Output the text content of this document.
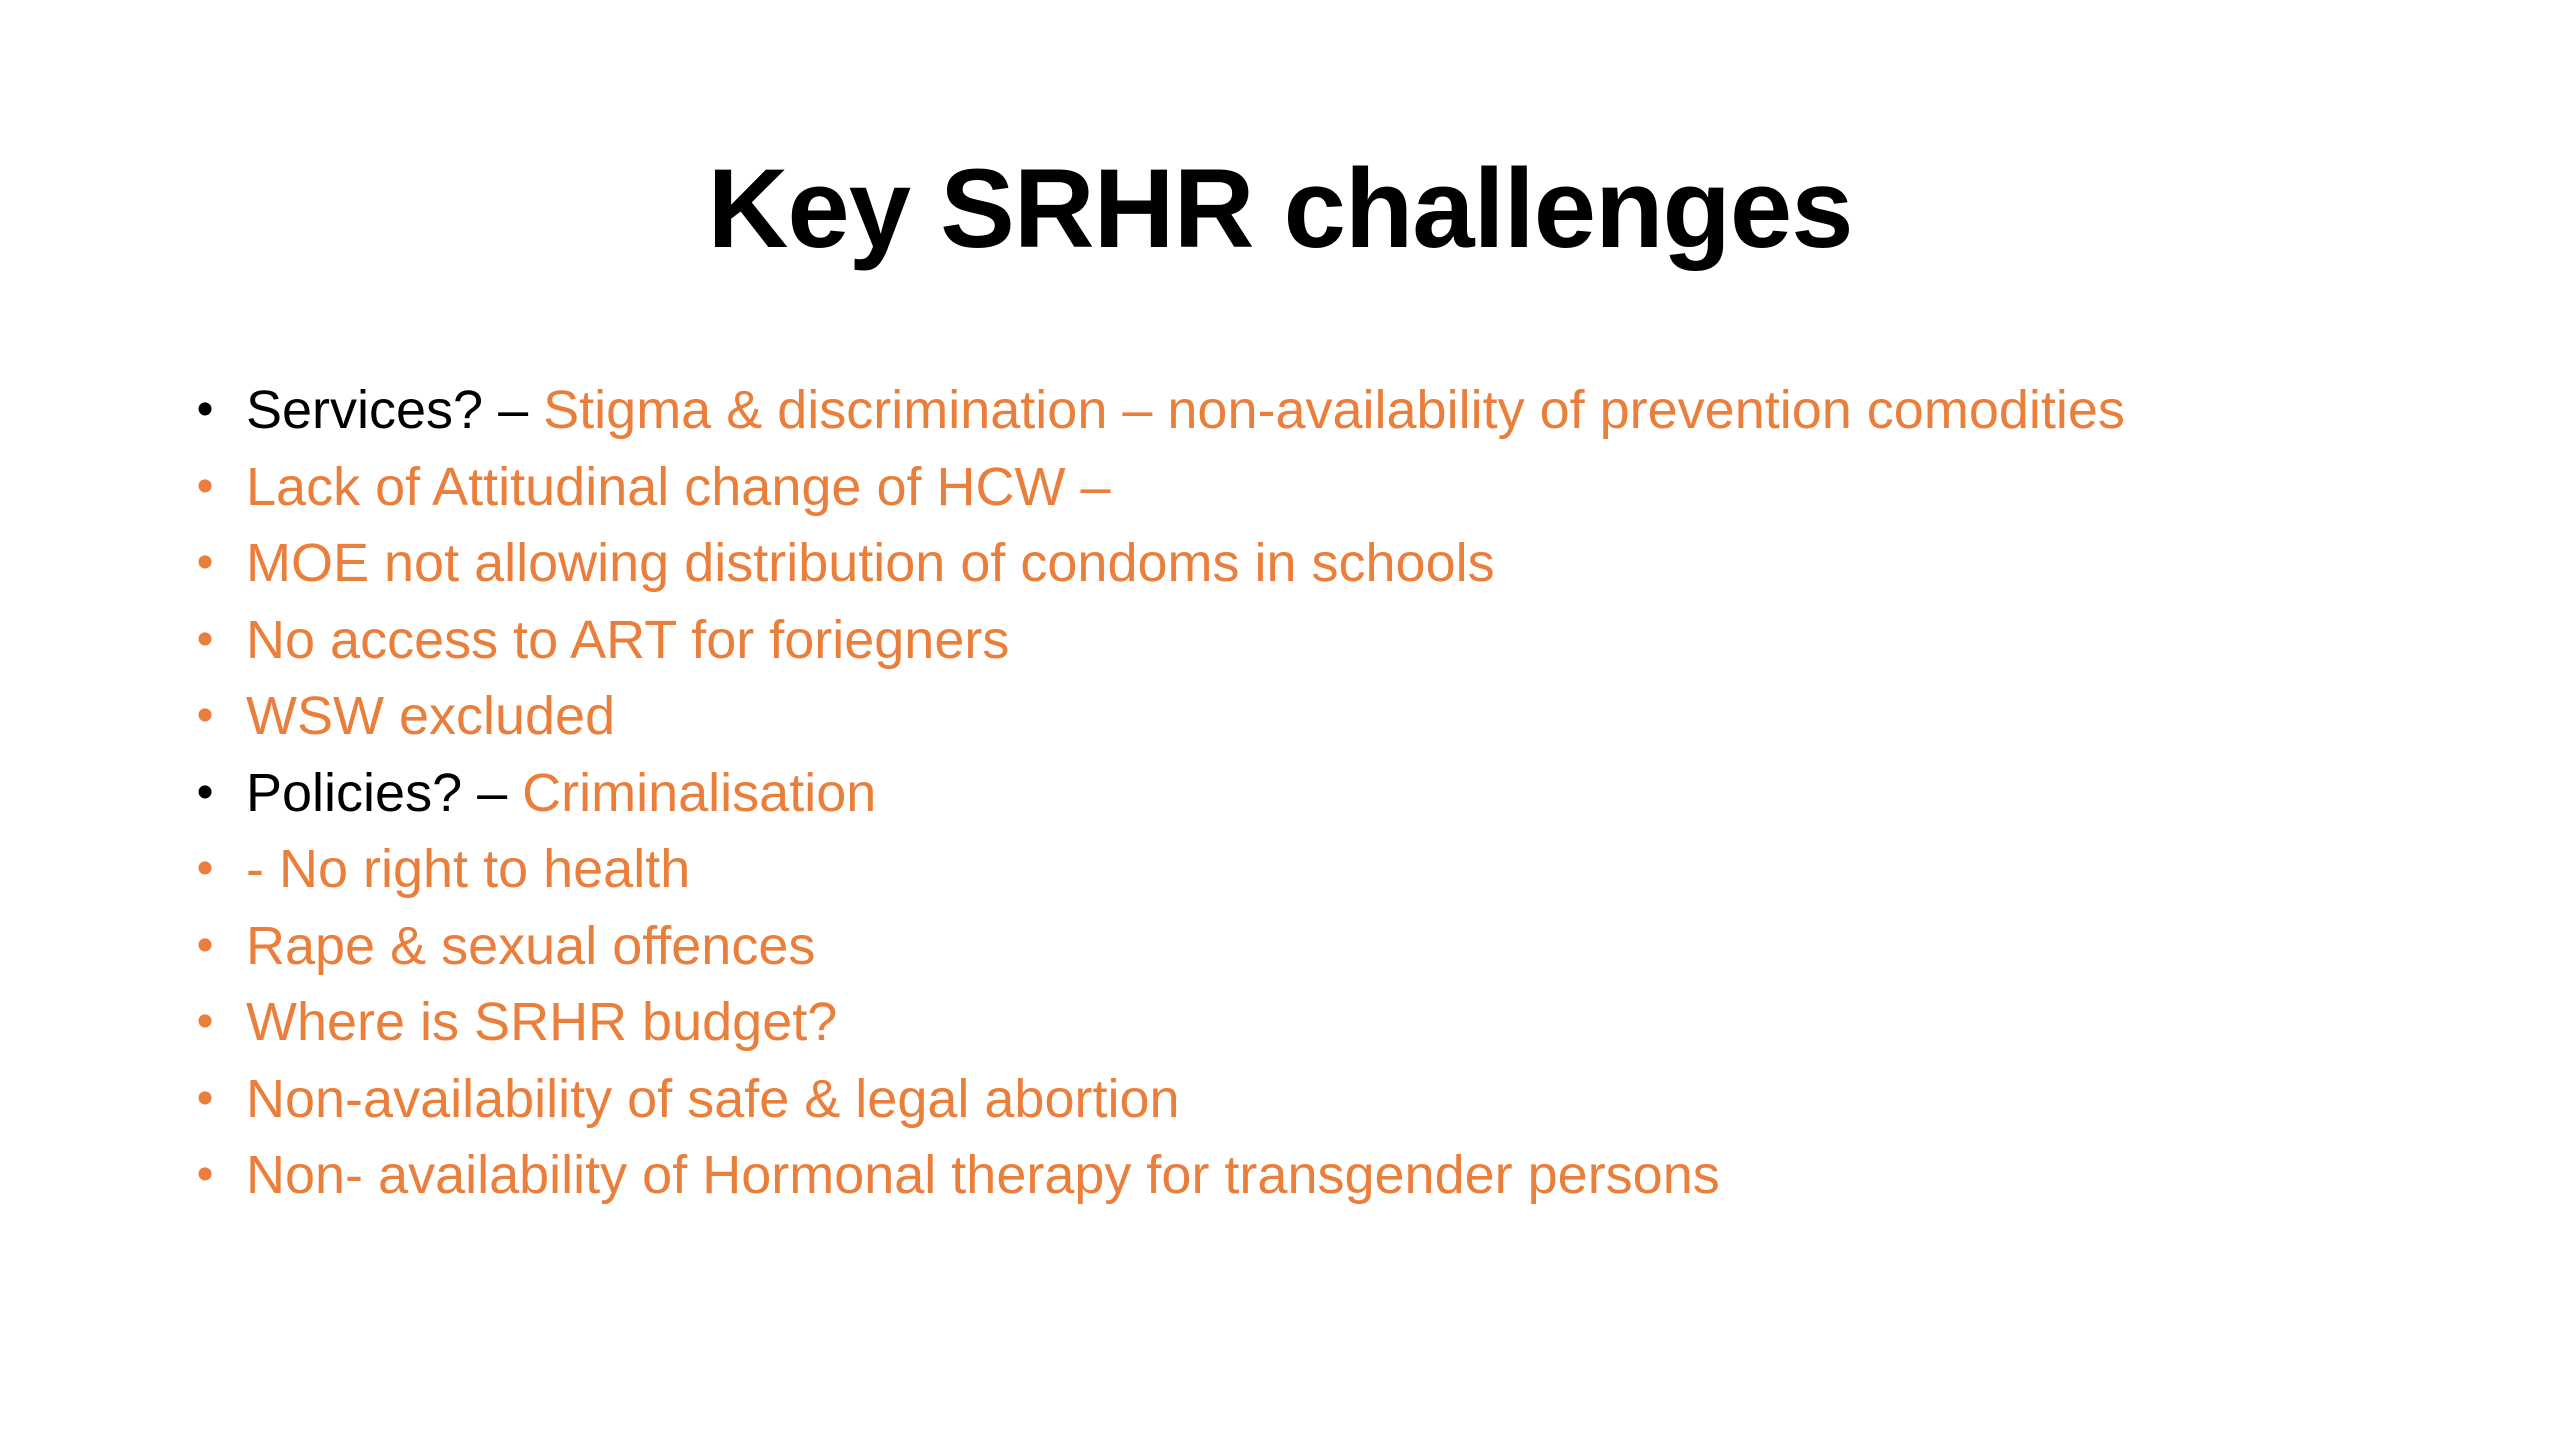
Key SRHR challenges
• Services? – Stigma & discrimination – non-availability of prevention comodities
• Lack of Attitudinal change of HCW –
• MOE not allowing distribution of condoms in schools
• No access to ART for foriegners
• WSW excluded
• Policies? – Criminalisation
• - No right to health
• Rape & sexual offences
• Where is SRHR budget?
• Non-availability of safe & legal abortion
• Non- availability of Hormonal therapy for transgender persons
